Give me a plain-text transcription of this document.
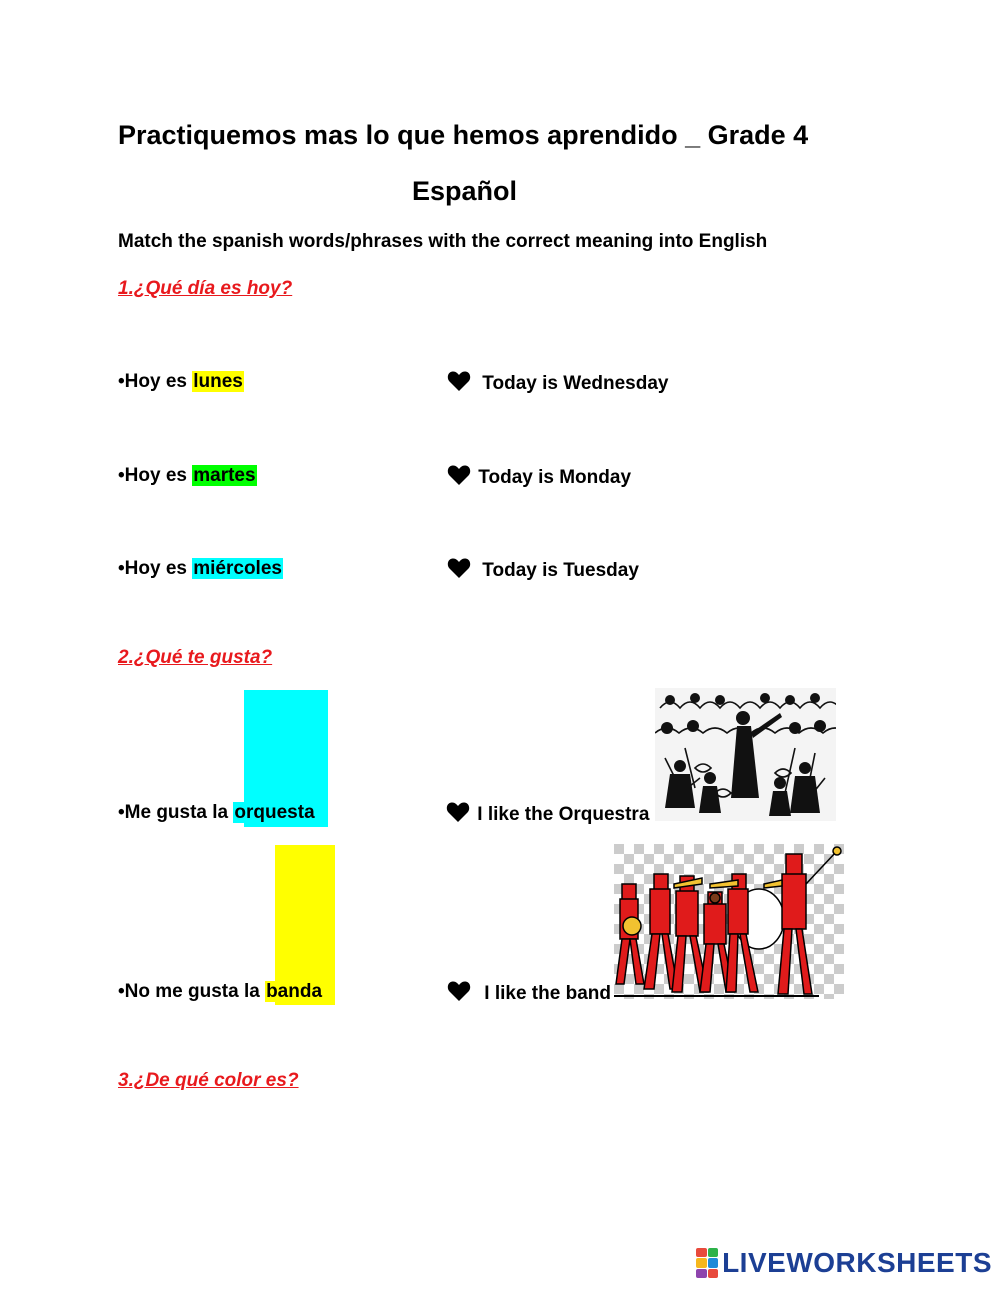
Practiquemos mas lo que hemos aprendido _ Grade 4
Español
Match the spanish words/phrases with the correct meaning into English
1.¿Qué día es hoy?
•Hoy es lunes	Today is Wednesday
•Hoy es martes	Today is Monday
•Hoy es miércoles	Today is Tuesday
2.¿Qué te gusta?
•Me gusta la orquesta	I like the Orquestra
•No me gusta la banda	I like the band
3.¿De qué color es?
LIVEWORKSHEETS
